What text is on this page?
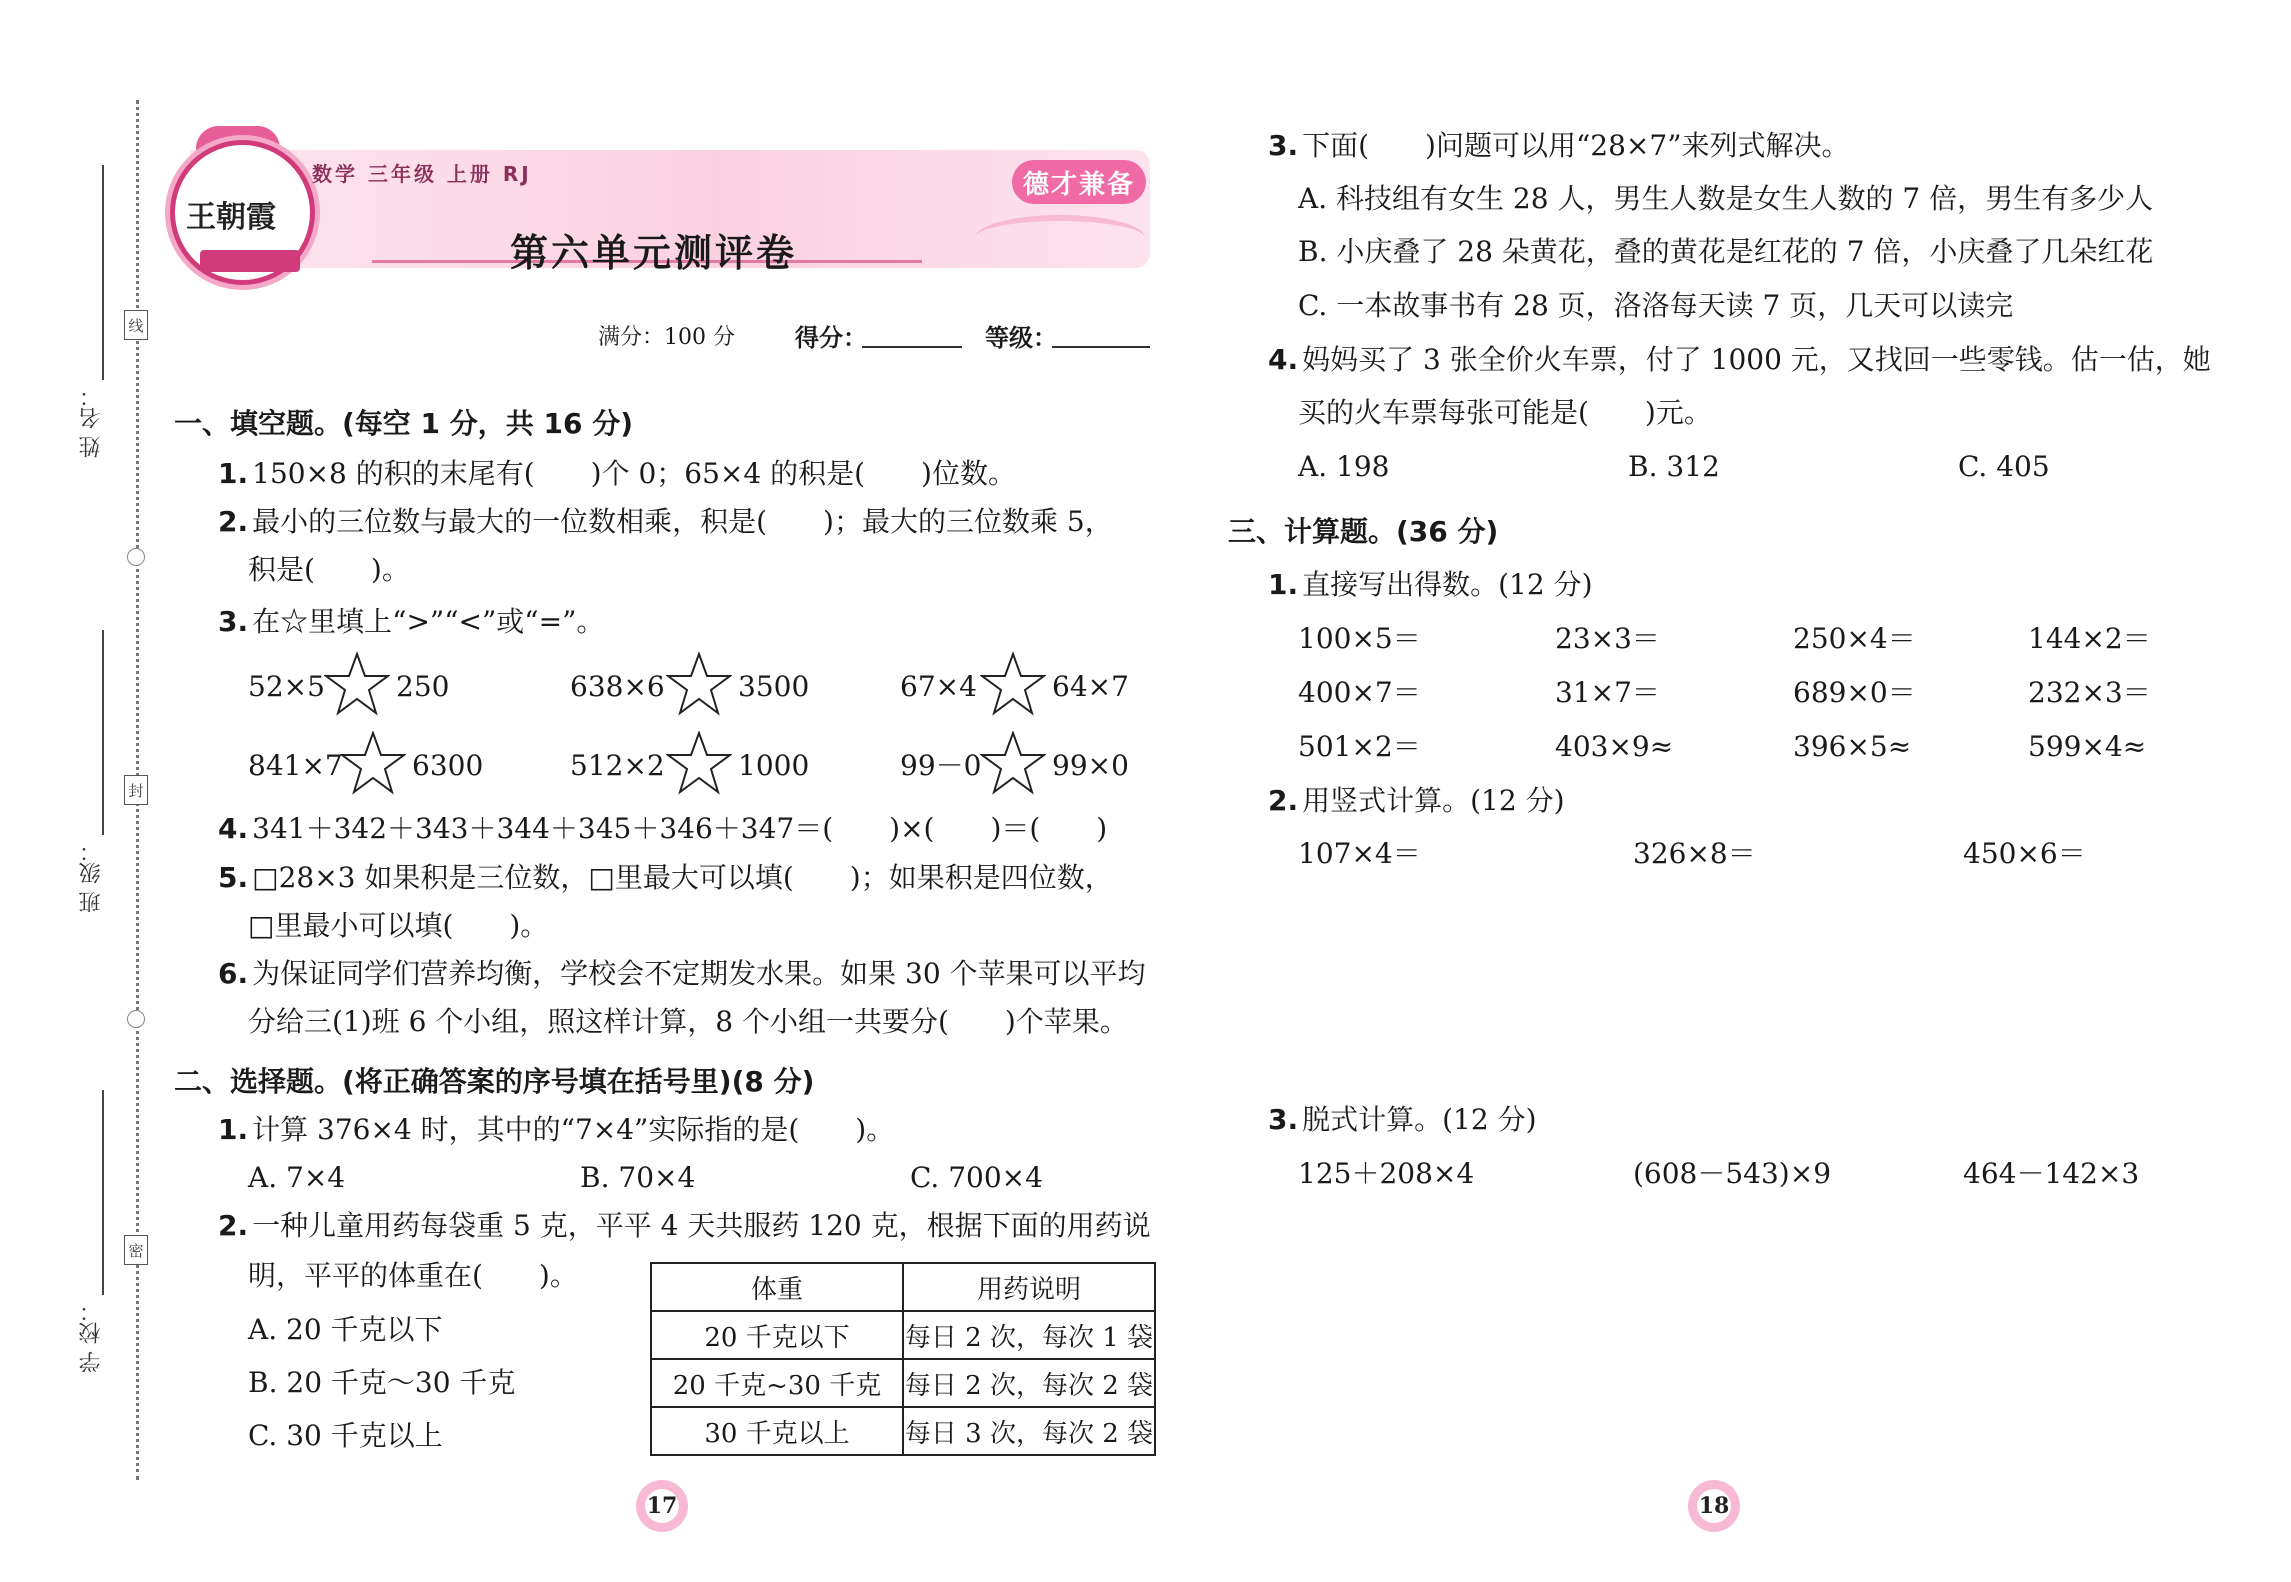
姓 名：
班 级：
学 校：
线
封
密
王朝霞
数学 三年级 上册 RJ
第六单元测评卷
德才兼备
满分：100 分	得分：	等级：
一、填空题。(每空 1 分，共 16 分)
1. 150×8 的积的末尾有(　　)个 0；65×4 的积是(　　)位数。
2. 最小的三位数与最大的一位数相乘，积是(　　)；最大的三位数乘 5，
积是(　　)。
3. 在☆里填上“>”“<”或“=”。
52×5	250	638×6	3500	67×4	64×7
841×7 6300	512×2	1000	99－0	99×0
4. 341＋342＋343＋344＋345＋346＋347＝(　　)×(　　)＝(　　)
5. □28×3 如果积是三位数，□里最大可以填(　　)；如果积是四位数，
□里最小可以填(　　)。
6. 为保证同学们营养均衡，学校会不定期发水果。如果 30 个苹果可以平均
分给三(1)班 6 个小组，照这样计算，8 个小组一共要分(　　)个苹果。
二、选择题。(将正确答案的序号填在括号里)(8 分)
1. 计算 376×4 时，其中的“7×4”实际指的是(　　)。
A. 7×4	B. 70×4	C. 700×4
2. 一种儿童用药每袋重 5 克，平平 4 天共服药 120 克，根据下面的用药说
明，平平的体重在(　　)。
A. 20 千克以下
B. 20 千克～30 千克
C. 30 千克以上
体重	用药说明
20 千克以下	每日 2 次，每次 1 袋
20 千克~30 千克	每日 2 次，每次 2 袋
30 千克以上	每日 3 次，每次 2 袋
3. 下面(　　)问题可以用“28×7”来列式解决。
A. 科技组有女生 28 人，男生人数是女生人数的 7 倍，男生有多少人
B. 小庆叠了 28 朵黄花，叠的黄花是红花的 7 倍，小庆叠了几朵红花
C. 一本故事书有 28 页，洛洛每天读 7 页，几天可以读完
4. 妈妈买了 3 张全价火车票，付了 1000 元，又找回一些零钱。估一估，她
买的火车票每张可能是(　　)元。
A. 198	B. 312	C. 405
三、计算题。(36 分)
1. 直接写出得数。(12 分)
100×5＝	23×3＝	250×4＝	144×2＝
400×7＝	31×7＝	689×0＝	232×3＝
501×2＝	403×9≈	396×5≈	599×4≈
2. 用竖式计算。(12 分)
107×4＝	326×8＝	450×6＝
3. 脱式计算。(12 分)
125＋208×4	(608－543)×9	464－142×3
17	18
